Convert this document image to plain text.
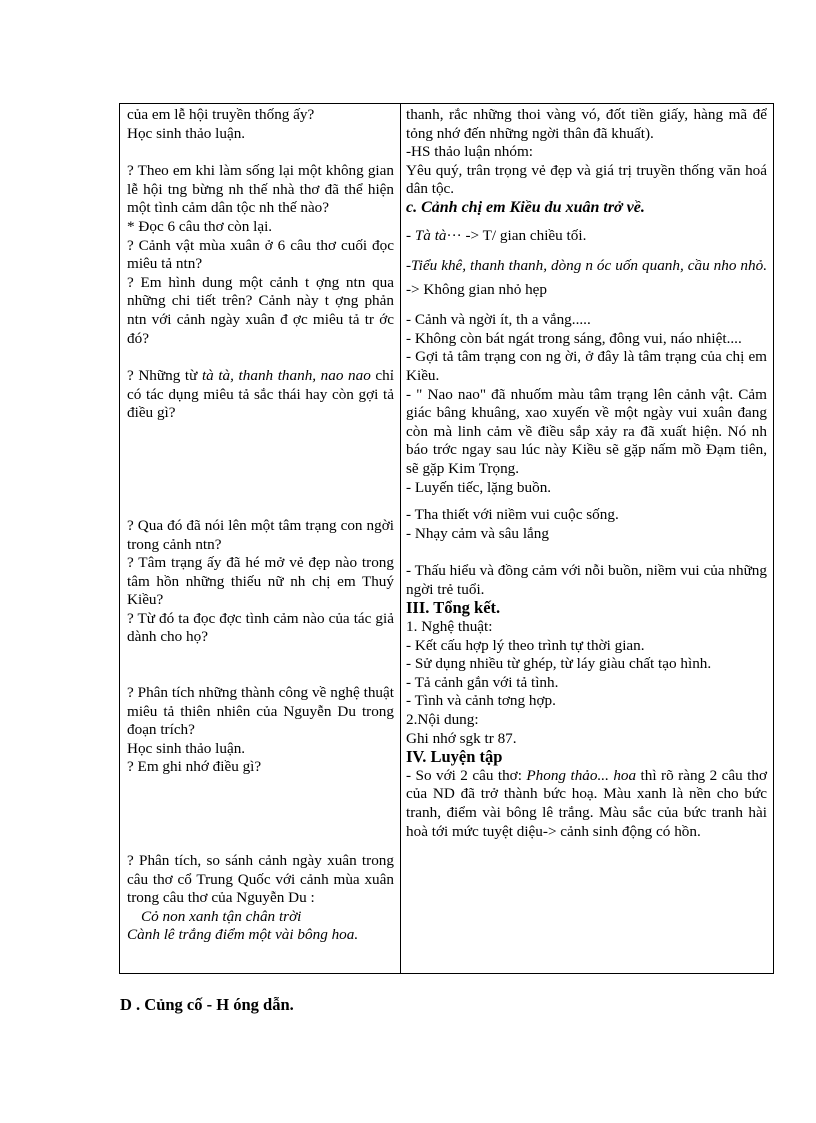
của em lễ hội truyền thống ấy?

Học sinh thảo luận.

? Theo em khi làm sống lại một không gian lễ hội tng bừng nh thế nhà thơ đã thể hiện một tình cảm dân tộc nh thế nào?

* Đọc 6 câu thơ còn lại.

? Cảnh vật mùa xuân ở 6 câu thơ cuối đọc miêu tả ntn?

? Em hình dung một cảnh t ợng ntn qua những chi tiết trên? Cảnh này t ợng phản ntn với cảnh ngày xuân đ ợc miêu tả tr ớc đó?

? Những từ tà tà, thanh thanh, nao nao chỉ có tác dụng miêu tả sắc thái hay còn gợi tả điều gì?

? Qua đó đã nói lên một tâm trạng con ngời trong cảnh ntn?

? Tâm trạng ấy đã hé mở vẻ đẹp nào trong tâm hồn những thiếu nữ nh chị em Thuý Kiều?

? Từ đó ta đọc đợc tình cảm nào của tác giả dành cho họ?

? Phân tích những thành công về nghệ thuật miêu tả thiên nhiên của Nguyễn Du trong đoạn trích?

Học sinh thảo luận.

? Em ghi nhớ điều gì?

? Phân tích, so sánh cảnh ngày xuân trong câu thơ cổ Trung Quốc với cảnh mùa xuân trong câu thơ của Nguyễn Du :

Cỏ non xanh tận chân trời

Cành lê trắng điểm một vài bông hoa.

thanh, rắc những thoi vàng vó, đốt tiền giấy, hàng mã để tỏng nhớ đến những ngời thân đã khuất).

-HS thảo luận nhóm:

Yêu quý, trân trọng vẻ đẹp và giá trị truyền thống văn hoá dân tộc.

c. Cảnh chị em Kiều du xuân trở về.

- Tà tà··· -> T/ gian chiều tối.

-Tiểu khê, thanh thanh, dòng n óc uốn quanh, cầu nho nhỏ. -> Không gian nhỏ hẹp

- Cảnh và ngời ít, th a vắng.....

- Không còn bát ngát trong sáng, đông vui, náo nhiệt....

- Gợi tả tâm trạng con ng ời, ở đây là tâm trạng của chị em Kiều.

- " Nao nao" đã nhuốm màu tâm trạng lên cảnh vật. Cảm giác bâng khuâng, xao xuyến về một ngày vui xuân đang còn mà linh cảm về điều sắp xảy ra đã xuất hiện. Nó nh báo trớc ngay sau lúc này Kiều sẽ gặp nấm mồ Đạm tiên, sẽ gặp Kim Trọng.

- Luyến tiếc, lặng buồn.

- Tha thiết với niềm vui cuộc sống.

- Nhạy cảm và sâu lắng

- Thấu hiểu và đồng cảm với nỗi buồn, niềm vui của những ngời trẻ tuổi.

III. Tổng kết.

1. Nghệ thuật:

- Kết cấu hợp lý theo trình tự thời gian.

- Sử dụng nhiều từ ghép, từ láy giàu chất tạo hình.

- Tả cảnh gắn với tả tình.

- Tình và cảnh tơng hợp.

2.Nội dung:

Ghi nhớ sgk tr 87.

IV. Luyện tập

- So với 2 câu thơ: Phong thảo... hoa thì rõ ràng 2 câu thơ của ND đã trở thành bức hoạ. Màu xanh là nền cho bức tranh, điểm vài bông lê trắng. Màu sắc của bức tranh hài hoà tới mức tuyệt diệu-> cảnh sinh động có hồn.

D . Củng cố - H óng dẫn.
